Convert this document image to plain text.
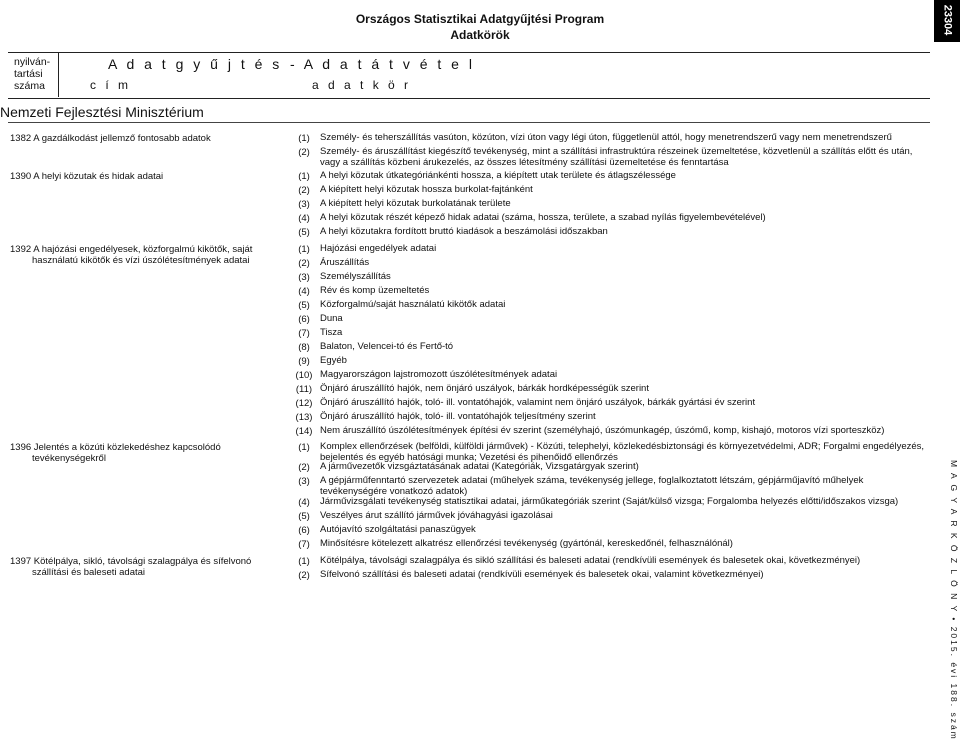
23304
Országos Statisztikai Adatgyűjtési Program
Adatkörök
nyilván-
tartási
száma
A d a t g y ű j t é s
c í m
- A d a t á t v é t e l
a d a t k ö r
Nemzeti Fejlesztési Minisztérium
1382 A gazdálkodást jellemző fontosabb adatok	(1)	Személy- és teherszállítás vasúton, közúton, vízi úton vagy légi úton, függetlenül attól, hogy menetrendszerű vagy nem menetrendszerű
(2)	Személy- és áruszállítást kiegészítő tevékenység, mint a szállítási infrastruktúra részeinek üzemeltetése, közvetlenül a szállítás előtt és után, vagy a szállítás közbeni árukezelés, az összes létesítmény szállítási üzemeltetése és fenntartása
1390 A helyi közutak és hidak adatai	(1)	A helyi közutak útkategóriánkénti hossza, a kiépített utak területe és átlagszélessége
(2)	A kiépített helyi közutak hossza burkolat-fajtánként
(3)	A kiépített helyi közutak burkolatának területe
(4)	A helyi közutak részét képező hidak adatai (száma, hossza, területe, a szabad nyílás figyelembevételével)
(5)	A helyi közutakra fordított bruttó kiadások a beszámolási időszakban
1392 A hajózási engedélyesek, közforgalmú kikötők, saját
használatú kikötők és vízi úszólétesítmények adatai
(1)	Hajózási engedélyek adatai
(2)	Áruszállítás
(3)	Személyszállítás
(4)	Rév és komp üzemeltetés
(5)	Közforgalmú/saját használatú kikötők adatai
(6)	Duna
(7)	Tisza
(8)	Balaton, Velencei-tó és Fertő-tó
(9)	Egyéb
(10) Magyarországon lajstromozott úszólétesítmények adatai
(11) Önjáró áruszállító hajók, nem önjáró uszályok, bárkák hordképességük szerint
(12) Önjáró áruszállító hajók, toló- ill. vontatóhajók, valamint nem önjáró uszályok, bárkák gyártási év szerint
(13) Önjáró áruszállító hajók, toló- ill. vontatóhajók teljesítmény szerint
(14) Nem áruszállító úszólétesítmények építési év szerint (személyhajó, úszómunkagép, úszómű, komp, kishajó, motoros vízi sporteszköz)
1396 Jelentés a közúti közlekedéshez kapcsolódó
tevékenységekről
(1)	Komplex ellenőrzések (belföldi, külföldi járművek) - Közúti, telephelyi, közlekedésbiztonsági és környezetvédelmi, ADR; Forgalmi engedélyezés, bejelentés és egyéb hatósági munka; Vezetési és pihenőidő ellenőrzés
(2)	A járművezetők vizsgáztatásának adatai (Kategóriák, Vizsgatárgyak szerint)
(3)	A gépjárműfenntartó szervezetek adatai (műhelyek száma, tevékenység jellege, foglalkoztatott létszám, gépjárműjavító műhelyek tevékenységére vonatkozó adatok)
(4)	Járművizsgálati tevékenység statisztikai adatai, járműkategóriák szerint (Saját/külső vizsga; Forgalomba helyezés előtti/időszakos vizsga)
(5)	Veszélyes árut szállító járművek jóváhagyási igazolásai
(6)	Autójavító szolgáltatási panaszügyek
(7)	Minősítésre kötelezett alkatrész ellenőrzési tevékenység (gyártónál, kereskedőnél, felhasználónál)
1397 Kötélpálya, sikló, távolsági szalagpálya és sífelvonó
szállítási és baleseti adatai
(1)	Kötélpálya, távolsági szalagpálya és sikló szállítási és baleseti adatai (rendkívüli események és balesetek okai, következményei)
(2)	Sífelvonó szállítási és baleseti adatai (rendkívüli események és balesetek okai, valamint következményei)	M A G Y A R K Ö Z L Ö N Y • 2015. évi 188. szám
